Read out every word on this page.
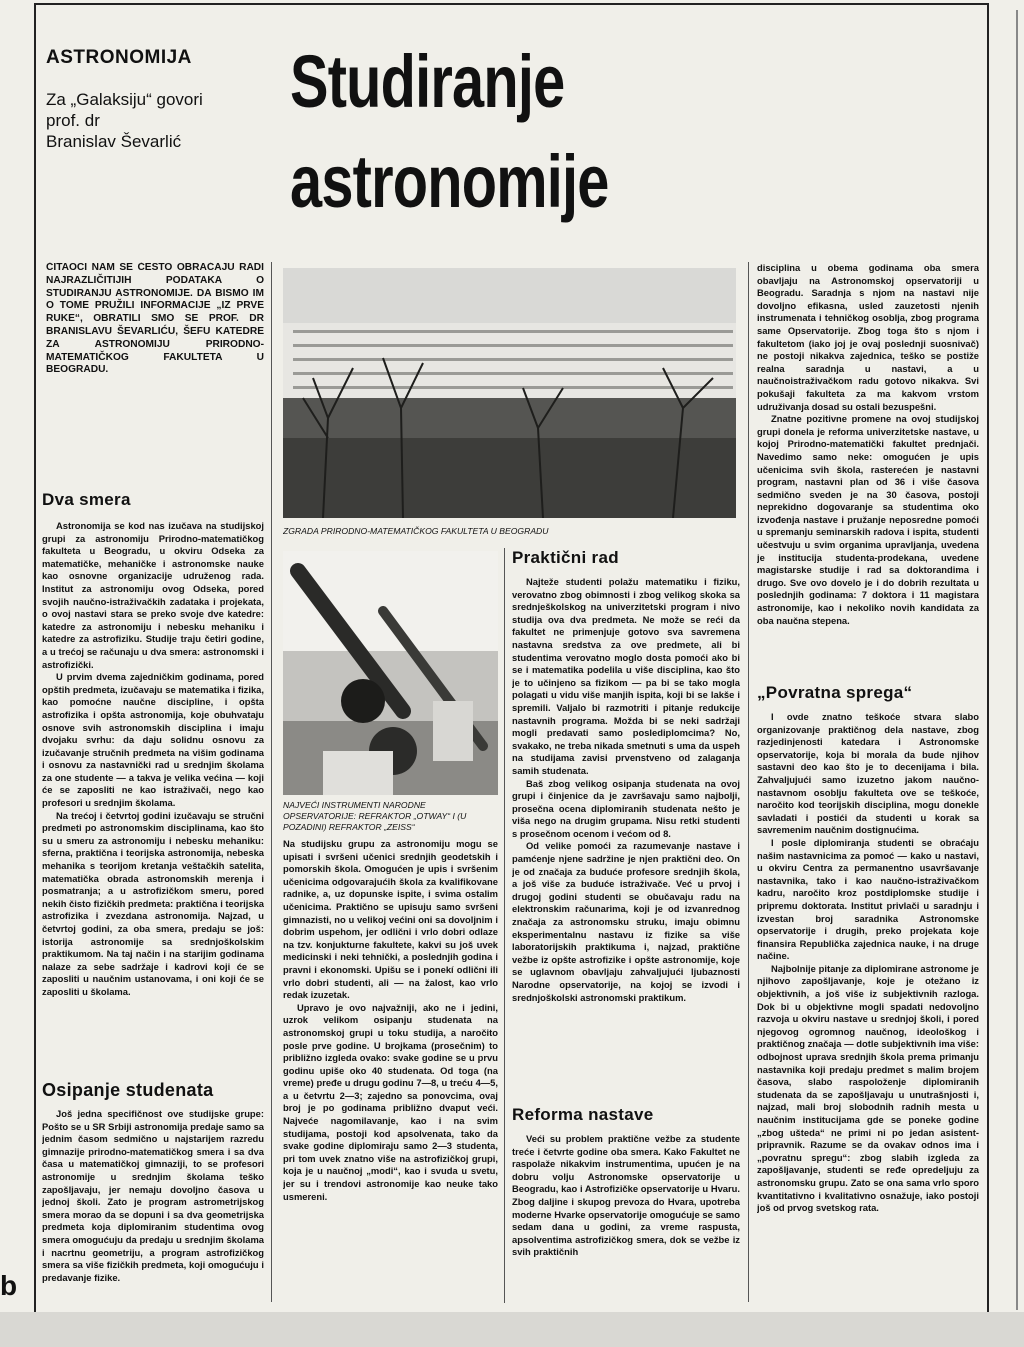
ASTRONOMIJA
Za „Galaksiju“ govori
prof. dr
Branislav Ševarlić
Studiranje
astronomije

ČITAOCI NAM SE ČESTO OBRAĆAJU RADI NAJRAZLIČITIJIH PODATAKA O STUDIRANJU ASTRONOMIJE. DA BISMO IM O TOME PRUŽILI INFORMACIJE „IZ PRVE RUKE“, OBRATILI SMO SE PROF. DR BRANISLAVU ŠEVARLIĆU, ŠEFU KATEDRE ZA ASTRONOMIJU PRIRODNO-MATEMATIČKOG FAKULTETA U BEOGRADU.

ZGRADA PRIRODNO-MATEMATIČKOG FAKULTETA U BEOGRADU

NAJVEĆI INSTRUMENTI NARODNE OPSERVATORIJE: REFRAKTOR „OTWAY“ I (U POZADINI) REFRAKTOR „ZEISS“

Dva smera

Astronomija se kod nas izučava na studijskoj grupi za astronomiju Prirodno-matematičkog fakulteta u Beogradu, u okviru Odseka za matematičke, mehaničke i astronomske nauke kao osnovne organizacije udruženog rada. Institut za astronomiju ovog Odseka, pored svojih naučno-istraživačkih zadataka i projekata, o ovoj nastavi stara se preko svoje dve katedre: katedre za astronomiju i nebesku mehaniku i katedre za astrofiziku. Studije traju četiri godine, a u trećoj se računaju u dva smera: astronomski i astrofizički.

U prvim dvema zajedničkim godinama, pored opštih predmeta, izučavaju se matematika i fizika, kao pomoćne naučne discipline, i opšta astrofizika i opšta astronomija, koje obuhvataju osnove svih astronomskih disciplina i imaju dvojaku svrhu: da daju solidnu osnovu za izučavanje stručnih predmeta na višim godinama i osnovu za nastavnički rad u srednjim školama za one studente — a takva je velika većina — koji će se zaposliti ne kao istraživači, nego kao profesori u srednjim školama.

Na trećoj i četvrtoj godini izučavaju se stručni predmeti po astronomskim disciplinama, kao što su u smeru za astronomiju i nebesku mehaniku: sferna, praktična i teorijska astronomija, nebeska mehanika s teorijom kretanja veštačkih satelita, matematička obrada astronomskih merenja i posmatranja; a u astrofizičkom smeru, pored nekih čisto fizičkih predmeta: praktična i teorijska astrofizika i zvezdana astronomija. Najzad, u četvrtoj godini, za oba smera, predaju se još: istorija astronomije sa srednjoškolskim praktikumom. Na taj način i na starijim godinama nalaze za sebe sadržaje i kadrovi koji će se zaposliti u naučnim ustanovama, i oni koji će se zaposliti u školama.

Osipanje studenata

Još jedna specifičnost ove studijske grupe: Pošto se u SR Srbiji astronomija predaje samo sa jednim časom sedmično u najstarijem razredu gimnazije prirodno-matematičkog smera i sa dva časa u matematičkoj gimnaziji, to se profesori astronomije u srednjim školama teško zapošljavaju, jer nemaju dovoljno časova u jednoj školi. Zato je program astrometrijskog smera morao da se dopuni i sa dva geometrijska predmeta koja diplomiranim studentima ovog smera omogućuju da predaju u srednjim školama i nacrtnu geometriju, a program astrofizičkog smera sa više fizičkih predmeta, koji omogućuju i predavanje fizike.

Na studijsku grupu za astronomiju mogu se upisati i svršeni učenici srednjih geodetskih i pomorskih škola. Omogućen je upis i svršenim učenicima odgovarajućih škola za kvalifikovane radnike, a, uz dopunske ispite, i svima ostalim učenicima. Praktično se upisuju samo svršeni gimnazisti, no u velikoj većini oni sa dovoljnim i dobrim uspehom, jer odlični i vrlo dobri odlaze na tzv. konjukturne fakultete, kakvi su još uvek medicinski i neki tehnički, a poslednjih godina i pravni i ekonomski. Upišu se i ponekí odlični ili vrlo dobri studenti, ali — na žalost, kao vrlo redak izuzetak.

Upravo je ovo najvažniji, ako ne i jedini, uzrok velikom osipanju studenata na astronomskoj grupi u toku studija, a naročito posle prve godine. U brojkama (prosečnim) to približno izgleda ovako: svake godine se u prvu godinu upiše oko 40 studenata. Od toga (na vreme) pređe u drugu godinu 7—8, u treću 4—5, a u četvrtu 2—3; zajedno sa ponovcima, ovaj broj je po godinama približno dvaput veći. Najveće nagomilavanje, kao i na svim studijama, postoji kod apsolvenata, tako da svake godine diplomiraju samo 2—3 studenta, pri tom uvek znatno više na astrofizičkoj grupi, koja je u naučnoj „modi“, kao i svuda u svetu, jer su i trendovi astronomije kao neuke tako usmereni.

Praktični rad

Najteže studenti polažu matematiku i fiziku, verovatno zbog obimnosti i zbog velikog skoka sa srednješkolskog na univerzitetski program i nivo studija ova dva predmeta. Ne može se reći da fakultet ne primenjuje gotovo sva savremena nastavna sredstva za ove predmete, ali bi studentima verovatno moglo dosta pomoći ako bi se i matematika podelila u više disciplina, kao što je to učinjeno sa fizikom — pa bi se tako mogla polagati u vidu više manjih ispita, koji bi se lakše i spremili. Valjalo bi razmotriti i pitanje redukcije nastavnih programa. Možda bi se neki sadržaji mogli predavati samo poslediplomcima? No, svakako, ne treba nikada smetnuti s uma da uspeh na studijama zavisi prvenstveno od zalaganja samih studenata.

Baš zbog velikog osipanja studenata na ovoj grupi i činjenice da je završavaju samo najbolji, prosečna ocena diplomiranih studenata nešto je viša nego na drugim grupama. Nisu retki studenti s prosečnom ocenom i većom od 8.

Od velike pomoći za razumevanje nastave i pamćenje njene sadržine je njen praktični deo. On je od značaja za buduće profesore srednjih škola, a još više za buduće istraživače. Već u prvoj i drugoj godini studenti se obučavaju radu na elektronskim računarima, koji je od izvanrednog značaja za astronomsku struku, imaju obimnu eksperimentalnu nastavu iz fizike sa više laboratorijskih praktikuma i, najzad, praktične vežbe iz opšte astrofizike i opšte astronomije, koje se uglavnom obavljaju zahvaljujući ljubaznosti Narodne opservatorije, na kojoj se izvodi i srednjoškolski astronomski praktikum.

Reforma nastave

Veći su problem praktične vežbe za studente treće i četvrte godine oba smera. Kako Fakultet ne raspolaže nikakvim instrumentima, upućen je na dobru volju Astronomske opservatorije u Beogradu, kao i Astrofizičke opservatorije u Hvaru. Zbog daljine i skupog prevoza do Hvara, upotreba moderne Hvarke opservatorije omogućuje se samo sedam dana u godini, za vreme raspusta, apsolventima astrofizičkog smera, dok se vežbe iz svih praktičnih

disciplina u obema godinama oba smera obavljaju na Astronomskoj opservatoriji u Beogradu. Saradnja s njom na nastavi nije dovoljno efikasna, usled zauzetosti njenih instrumenata i tehničkog osoblja, zbog programa same Opservatorije. Zbog toga što s njom i fakultetom (iako joj je ovaj poslednji suosnivač) ne postoji nikakva zajednica, teško se postiže realna saradnja u nastavi, a u naučnoistraživačkom radu gotovo nikakva. Svi pokušaji fakulteta za ma kakvom vrstom udruživanja dosad su ostali bezuspešni.

Znatne pozitivne promene na ovoj studijskoj grupi donela je reforma univerzitetske nastave, u kojoj Prirodno-matematički fakultet prednjači. Navedimo samo neke: omogućen je upis učenicima svih škola, rasterećen je nastavni program, nastavni plan od 36 i više časova sedmično sveden je na 30 časova, postoji neprekidno dogovaranje sa studentima oko izvođenja nastave i pružanje neposredne pomoći u spremanju seminarskih radova i ispita, studenti učestvuju u svim organima upravljanja, uvedena je institucija studenta-prodekana, uvedene magistarske studije i rad sa doktorandima i drugo. Sve ovo dovelo je i do dobrih rezultata u poslednjih godinama: 7 doktora i 11 magistara astronomije, kao i nekoliko novih kandidata za oba naučna stepena.

„Povratna sprega“

I ovde znatno teškoće stvara slabo organizovanje praktičnog dela nastave, zbog razjedinjenosti katedara i Astronomske opservatorije, koja bi morala da bude njihov sastavni deo kao što je to decenijama i bila. Zahvaljujući samo izuzetno jakom naučno-nastavnom osoblju fakulteta ove se teškoće, naročito kod teorijskih disciplina, mogu donekle savladati i postići da studenti u korak sa savremenim naučnim dostignućima.

I posle diplomiranja studenti se obraćaju našim nastavnicima za pomoć — kako u nastavi, u okviru Centra za permanentno usavršavanje nastavnika, tako i kao naučno-istraživačkom kadru, naročito kroz postdiplomske studije i pripremu doktorata. Institut privlači u saradnju i izvestan broj saradnika Astronomske opservatorije i drugih, preko projekata koje finansira Republička zajednica nauke, i na druge načine.

Najbolnije pitanje za diplomirane astronome je njihovo zapošljavanje, koje je otežano iz objektivnih, a još više iz subjektivnih razloga. Dok bi u objektivne mogli spadati nedovoljno razvoja u okviru nastave u srednjoj školi, i pored njegovog ogromnog naučnog, ideološkog i praktičnog značaja — dotle subjektivnih ima više: odbojnost uprava srednjih škola prema primanju nastavnika koji predaju predmet s malim brojem časova, slabo raspoloženje diplomiranih studenata da se zapošljavaju u unutrašnjosti i, najzad, mali broj slobodnih radnih mesta u naučnim institucijama gde se poneke godine „zbog ušteda“ ne primi ni po jedan asistent-pripravnik. Razume se da ovakav odnos ima i „povratnu spregu“: zbog slabih izgleda za zapošljavanje, studenti se ređe opredeljuju za astronomsku grupu. Zato se ona sama vrlo sporo kvantitativno i kvalitativno osnažuje, iako postoji još od prvog svetskog rata.

b
